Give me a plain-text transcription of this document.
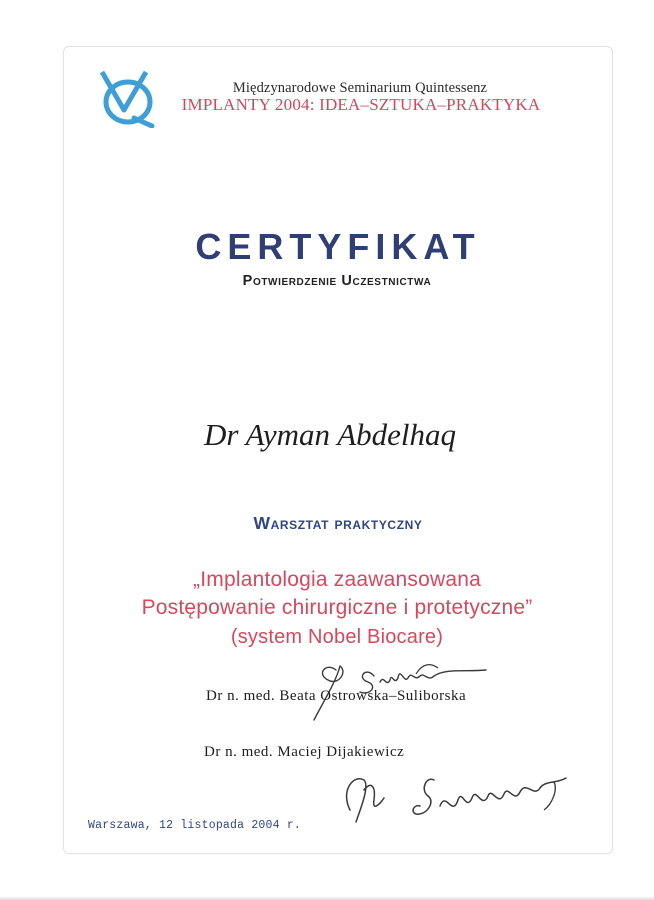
Międzynarodowe Seminarium Quintessenz
IMPLANTY 2004: IDEA–SZTUKA–PRAKTYKA
CERTYFIKAT
Potwierdzenie Uczestnictwa
Dr Ayman Abdelhaq
Warsztat praktyczny
„Implantologia zaawansowana
Postępowanie chirurgiczne i protetyczne”
(system Nobel Biocare)
Dr n. med. Beata Ostrowska–Suliborska
Dr n. med. Maciej Dijakiewicz
Warszawa, 12 listopada 2004 r.
